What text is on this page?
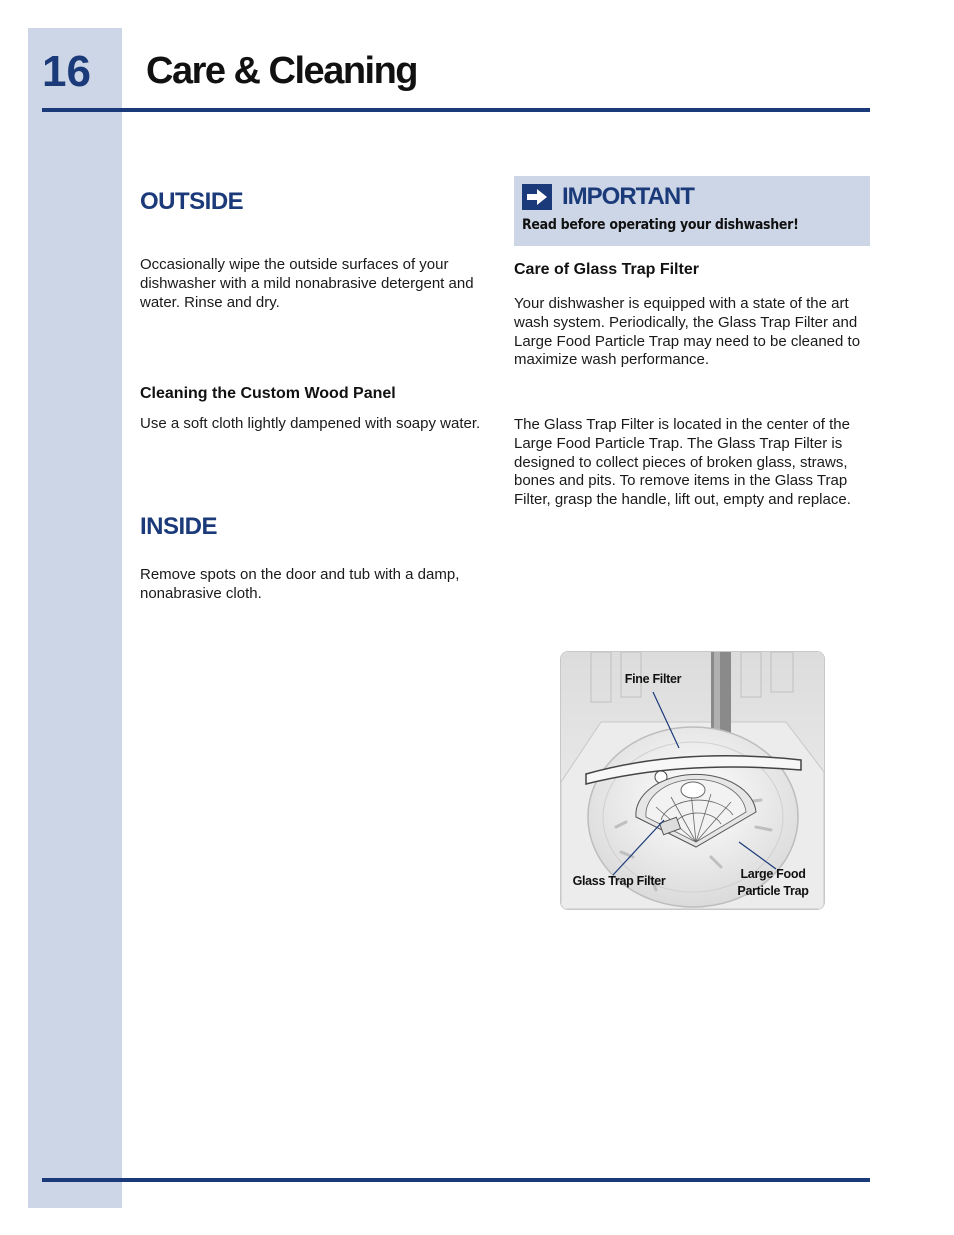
16 Care & Cleaning
OUTSIDE

Occasionally wipe the outside surfaces of your dishwasher with a mild nonabrasive detergent and water. Rinse and dry.

Cleaning the Custom Wood Panel

Use a soft cloth lightly dampened with soapy water.

INSIDE

Remove spots on the door and tub with a damp, nonabrasive cloth.

IMPORTANT
Read before operating your dishwasher!
Care of Glass Trap Filter

Your dishwasher is equipped with a state of the art wash system. Periodically, the Glass Trap Filter and Large Food Particle Trap may need to be cleaned to maximize wash performance.

The Glass Trap Filter is located in the center of the Large Food Particle Trap. The Glass Trap Filter is designed to collect pieces of broken glass, straws, bones and pits. To remove items in the Glass Trap Filter, grasp the handle, lift out, empty and replace.

Fine Filter
Glass Trap Filter	Large Food
Particle Trap
